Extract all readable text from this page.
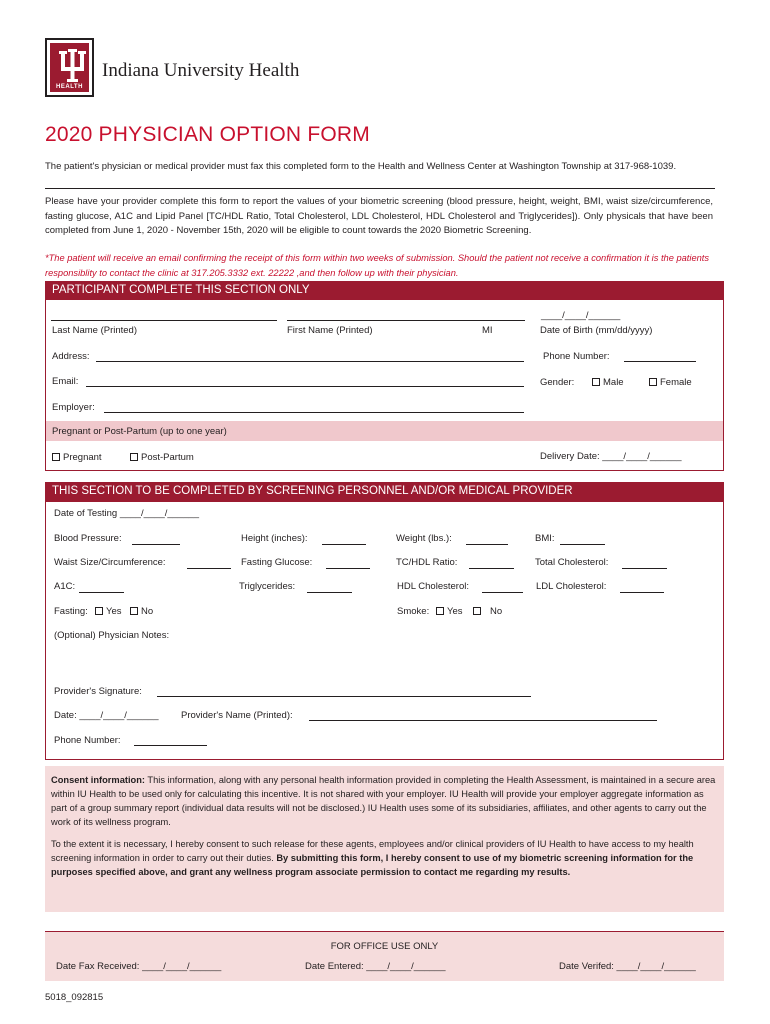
HEALTH
Indiana University Health
2020 PHYSICIAN OPTION FORM
The patient's physician or medical provider must fax this completed form to the Health and Wellness Center at Washington Township at 317-968-1039.
Please have your provider complete this form to report the values of your biometric screening (blood pressure, height, weight, BMI, waist size/circumference, fasting glucose, A1C and Lipid Panel [TC/HDL Ratio, Total Cholesterol, LDL Cholesterol, HDL Cholesterol and Triglycerides]). Only physicals that have been completed from June 1, 2020 - November 15th, 2020 will be eligible to count towards the 2020 Biometric Screening.
*The patient will receive an email confirming the receipt of this form within two weeks of submission. Should the patient not receive a confirmation it is the patients responsiblity to contact the clinic at 317.205.3332 ext. 22222 ,and then follow up with their physician.
PARTICIPANT COMPLETE THIS SECTION ONLY
____/____/______
Last Name (Printed)	First Name (Printed)	MI	Date of Birth (mm/dd/yyyy)
Address:	Phone Number:
Email:	Gender:	Male	Female
Employer:
Pregnant or Post-Partum (up to one year)
Pregnant	Post-Partum	Delivery Date: ____/____/______
THIS SECTION TO BE COMPLETED BY SCREENING PERSONNEL AND/OR MEDICAL PROVIDER
Date of Testing ____/____/______
Blood Pressure:	Height (inches):	Weight (lbs.):	BMI:
Waist Size/Circumference:	Fasting Glucose:	TC/HDL Ratio:	Total Cholesterol:
A1C:	Triglycerides:	HDL Cholesterol:	LDL Cholesterol:
Fasting:	Yes	No	Smoke:	Yes	No
(Optional) Physician Notes:
Provider's Signature:
Date: ____/____/______ Provider's Name (Printed):
Phone Number:

Consent information: This information, along with any personal health information provided in completing the Health Assessment, is maintained in a secure area within IU Health to be used only for calculating this incentive. It is not shared with your employer. IU Health will provide your employer aggregate information as part of a group summary report (individual data results will not be disclosed.) IU Health uses some of its subsidiaries, affiliates, and other agents to carry out the work of its wellness program.

To the extent it is necessary, I hereby consent to such release for these agents, employees and/or clinical providers of IU Health to have access to my health screening information in order to carry out their duties. By submitting this form, I hereby consent to use of my biometric screening information for the purposes specified above, and grant any wellness program associate permission to contact me regarding my results.

FOR OFFICE USE ONLY
Date Fax Received: ____/____/______	Date Entered: ____/____/______	Date Verifed: ____/____/______
5018_092815
